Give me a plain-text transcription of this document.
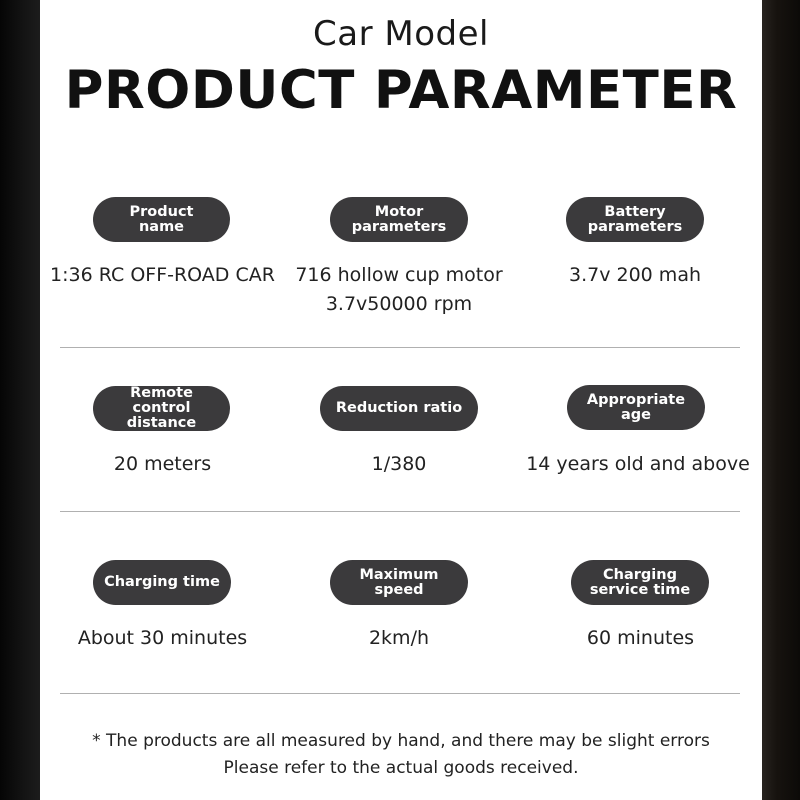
Car Model
PRODUCT PARAMETER
Product
name
1:36 RC OFF-ROAD CAR
Motor
parameters
716 hollow cup motor
3.7v50000 rpm
Battery
parameters
3.7v 200 mah
Remote control
distance
20 meters
Reduction ratio
1/380
Appropriate age
14 years old and above
Charging time
About 30 minutes
Maximum speed
2km/h
Charging
service time
60 minutes
* The products are all measured by hand, and there may be slight errors
Please refer to the actual goods received.
